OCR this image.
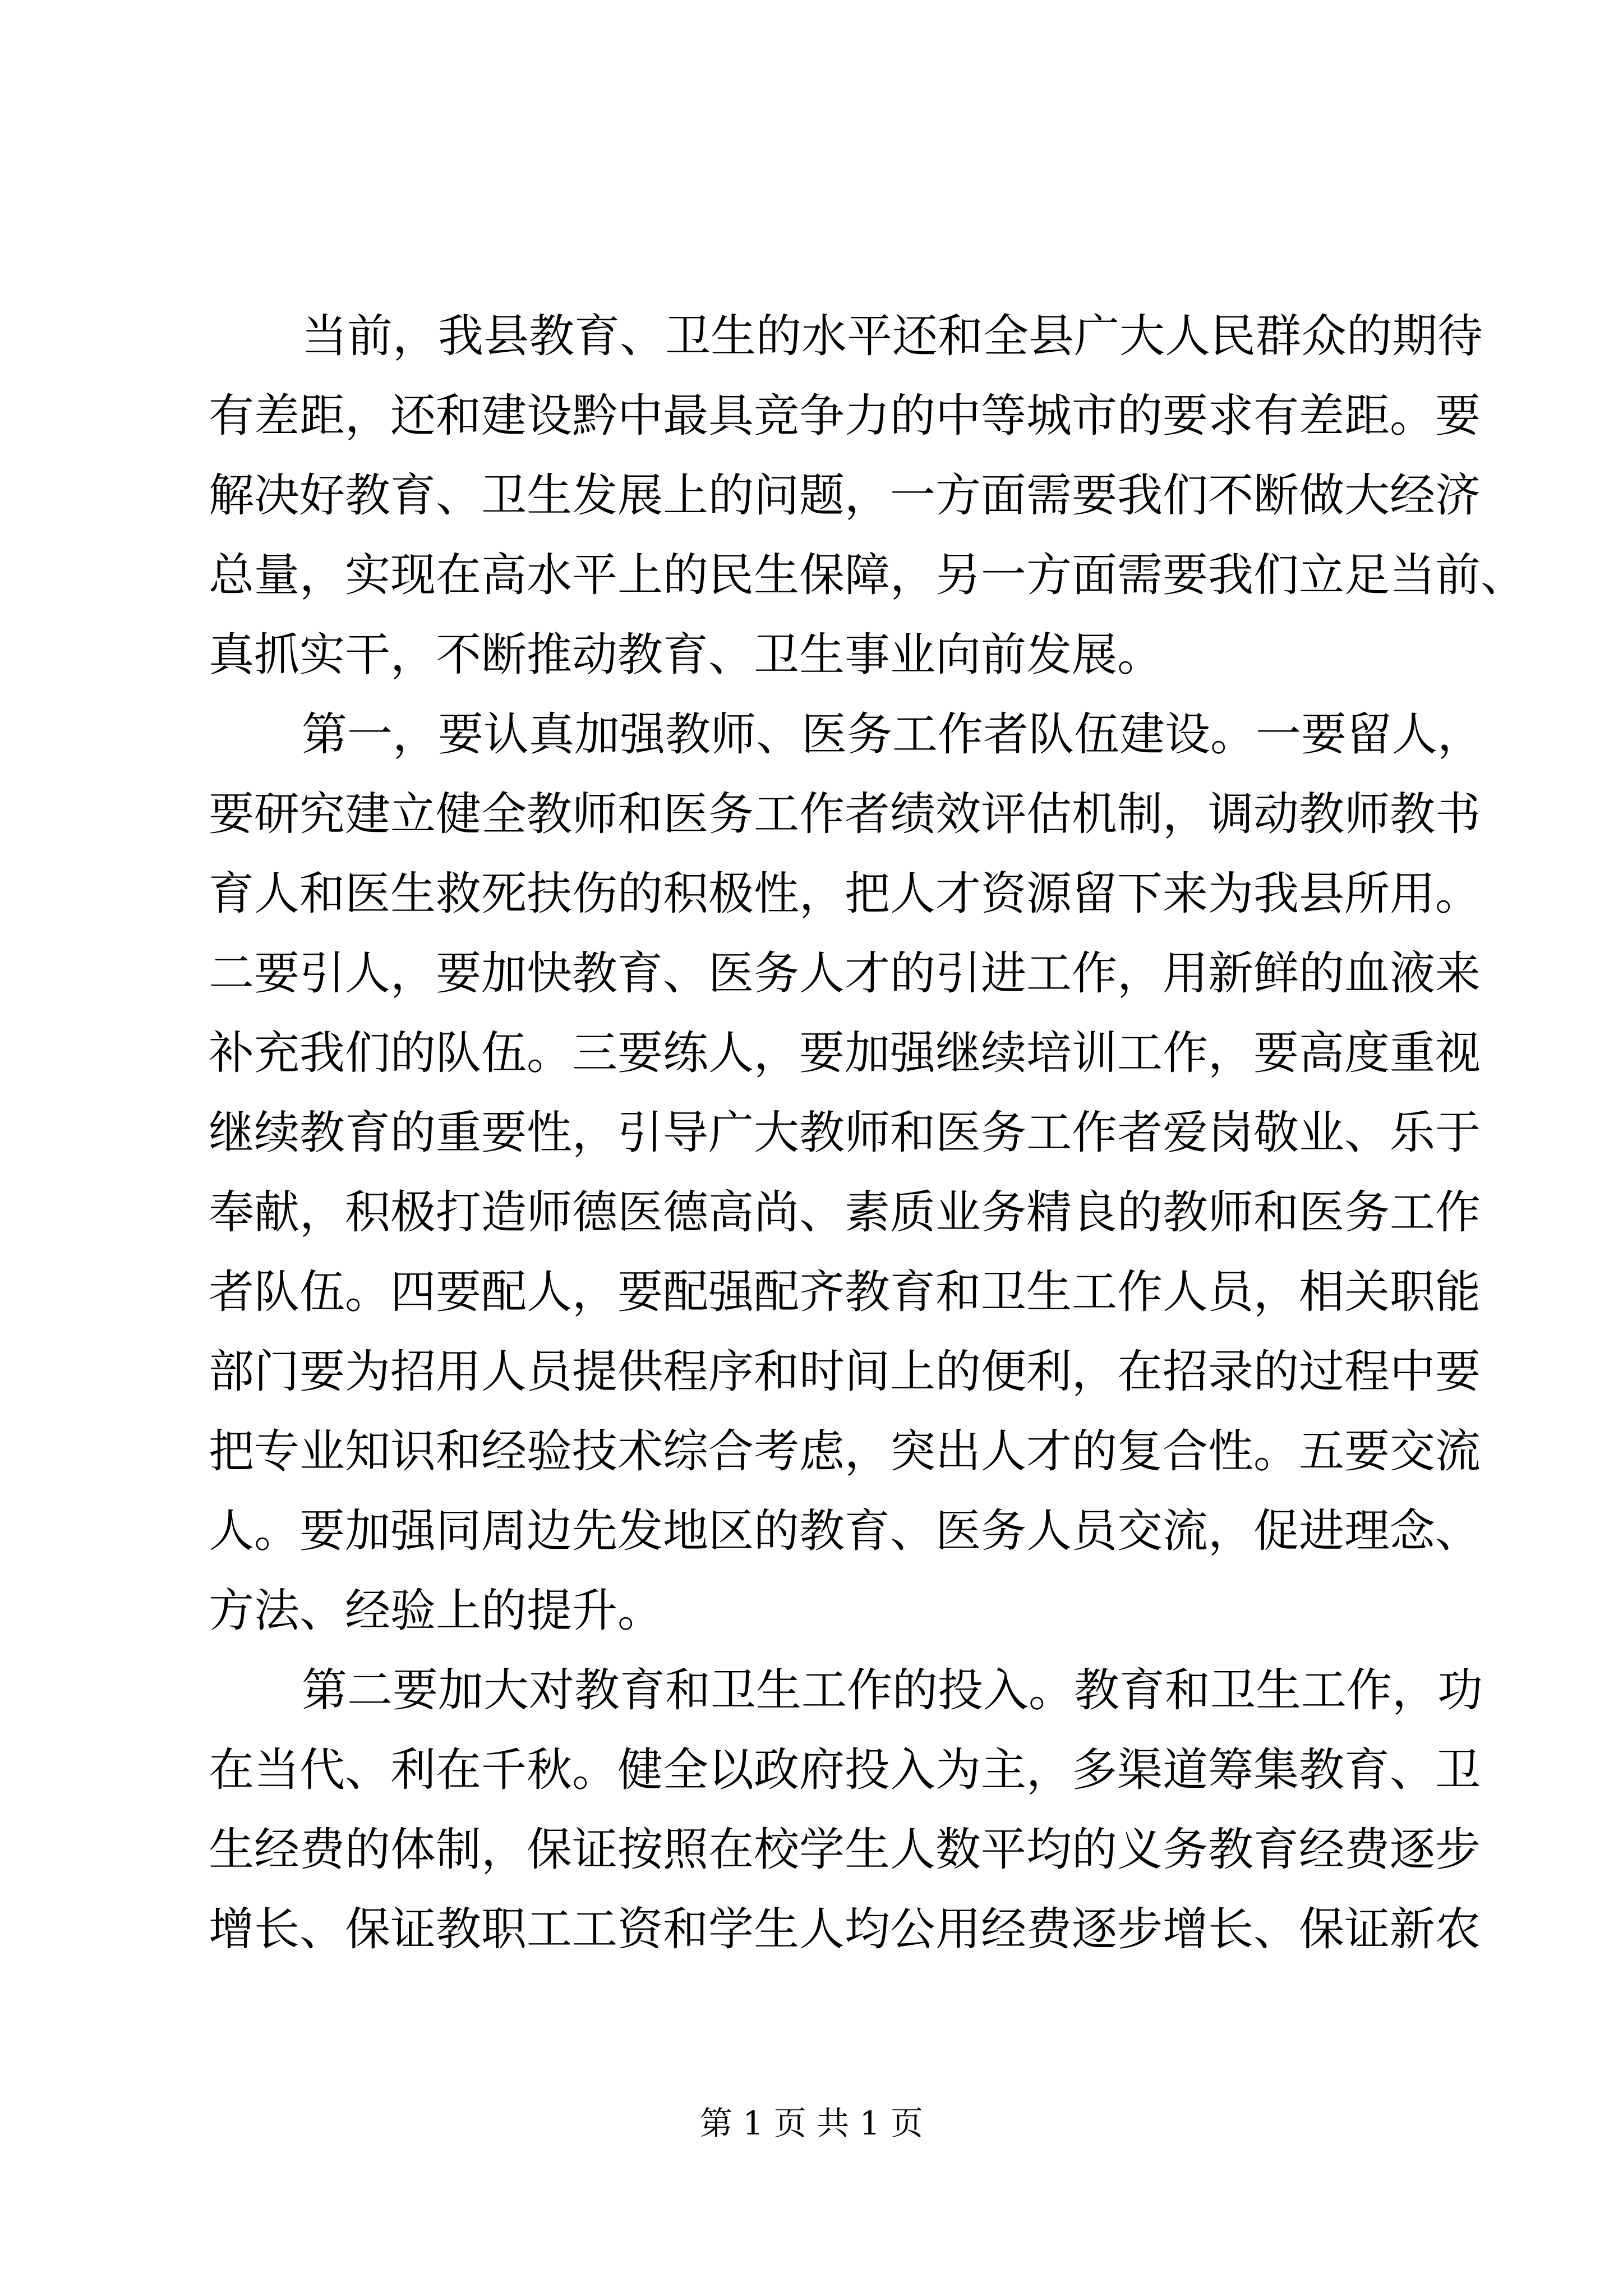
当前，我县教育、卫生的水平还和全县广大人民群众的期待
有差距，还和建设黔中最具竞争力的中等城市的要求有差距。要
解决好教育、卫生发展上的问题，一方面需要我们不断做大经济
总量，实现在高水平上的民生保障，另一方面需要我们立足当前、
真抓实干，不断推动教育、卫生事业向前发展。
第一，要认真加强教师、医务工作者队伍建设。一要留人，
要研究建立健全教师和医务工作者绩效评估机制，调动教师教书
育人和医生救死扶伤的积极性，把人才资源留下来为我县所用。
二要引人，要加快教育、医务人才的引进工作，用新鲜的血液来
补充我们的队伍。三要练人，要加强继续培训工作，要高度重视
继续教育的重要性，引导广大教师和医务工作者爱岗敬业、乐于
奉献，积极打造师德医德高尚、素质业务精良的教师和医务工作
者队伍。四要配人，要配强配齐教育和卫生工作人员，相关职能
部门要为招用人员提供程序和时间上的便利，在招录的过程中要
把专业知识和经验技术综合考虑，突出人才的复合性。五要交流
人。要加强同周边先发地区的教育、医务人员交流，促进理念、
方法、经验上的提升。
第二要加大对教育和卫生工作的投入。教育和卫生工作，功
在当代、利在千秋。健全以政府投入为主，多渠道筹集教育、卫
生经费的体制，保证按照在校学生人数平均的义务教育经费逐步
增长、保证教职工工资和学生人均公用经费逐步增长、保证新农
第 1 页 共 1 页
